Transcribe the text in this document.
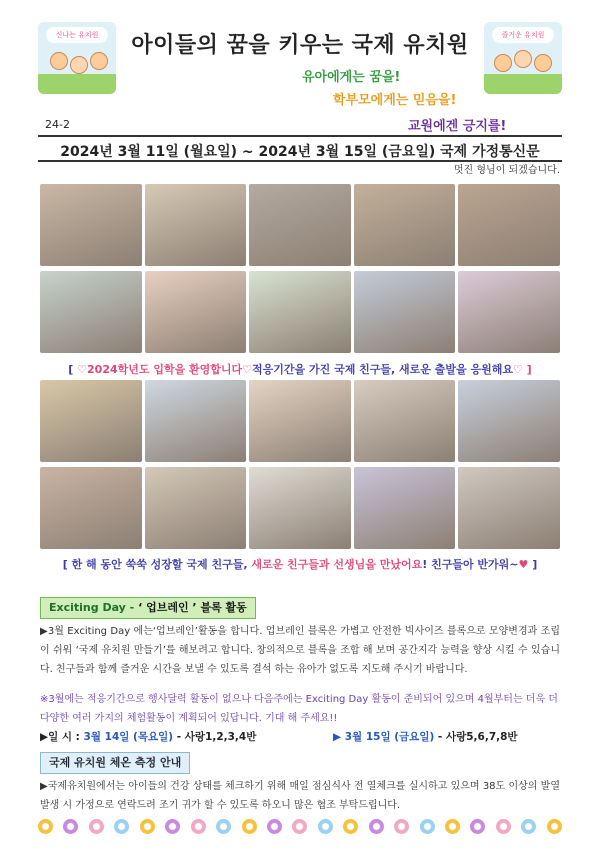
신나는 유치원	즐거운 유치원
아이들의 꿈을 키우는 국제 유치원
유아에게는 꿈을!
학부모에게는 믿음을!
교원에겐 긍지를!
24-2
2024년 3월 11일 (월요일) ~ 2024년 3월 15일 (금요일) 국제 가정통신문
멋진 형님이 되겠습니다.
[ ♡2024학년도 입학을 환영합니다♡적응기간을 가진 국제 친구들, 새로운 출발을 응원해요♡ ]
[ 한 해 동안 쑥쑥 성장할 국제 친구들, 새로운 친구들과 선생님을 만났어요! 친구들아 반가워~♥ ]
Exciting Day - ‘ 업브레인 ’ 블록 활동
▶3월 Exciting Day 에는‘업브레인’활동을 합니다. 업브레인 블록은 가볍고 안전한 빅사이즈 블록으로 모양변경과 조립이 쉬워 ‘국제 유치원 만들기’를 해보려고 합니다. 창의적으로 블록을 조합 해 보며 공간지각 능력을 향상 시킬 수 있습니다. 친구들과 함께 즐거운 시간을 보낼 수 있도록 결석 하는 유아가 없도록 지도해 주시기 바랍니다.
※3월에는 적응기간으로 행사달력 활동이 없으나 다음주에는 Exciting Day 활동이 준비되어 있으며 4월부터는 더욱 더 다양한 여러 가지의 체험활동이 계획되어 있답니다. 기대 해 주세요!!
▶일 시 : 3월 14일 (목요일) - 사랑1,2,3,4반	▶ 3월 15일 (금요일) - 사랑5,6,7,8반
국제 유치원 체온 측정 안내
▶국제유치원에서는 아이들의 건강 상태를 체크하기 위해 매일 점심식사 전 열체크를 실시하고 있으며 38도 이상의 발열 발생 시 가정으로 연락드려 조기 귀가 할 수 있도록 하오니 많은 협조 부탁드립니다.
